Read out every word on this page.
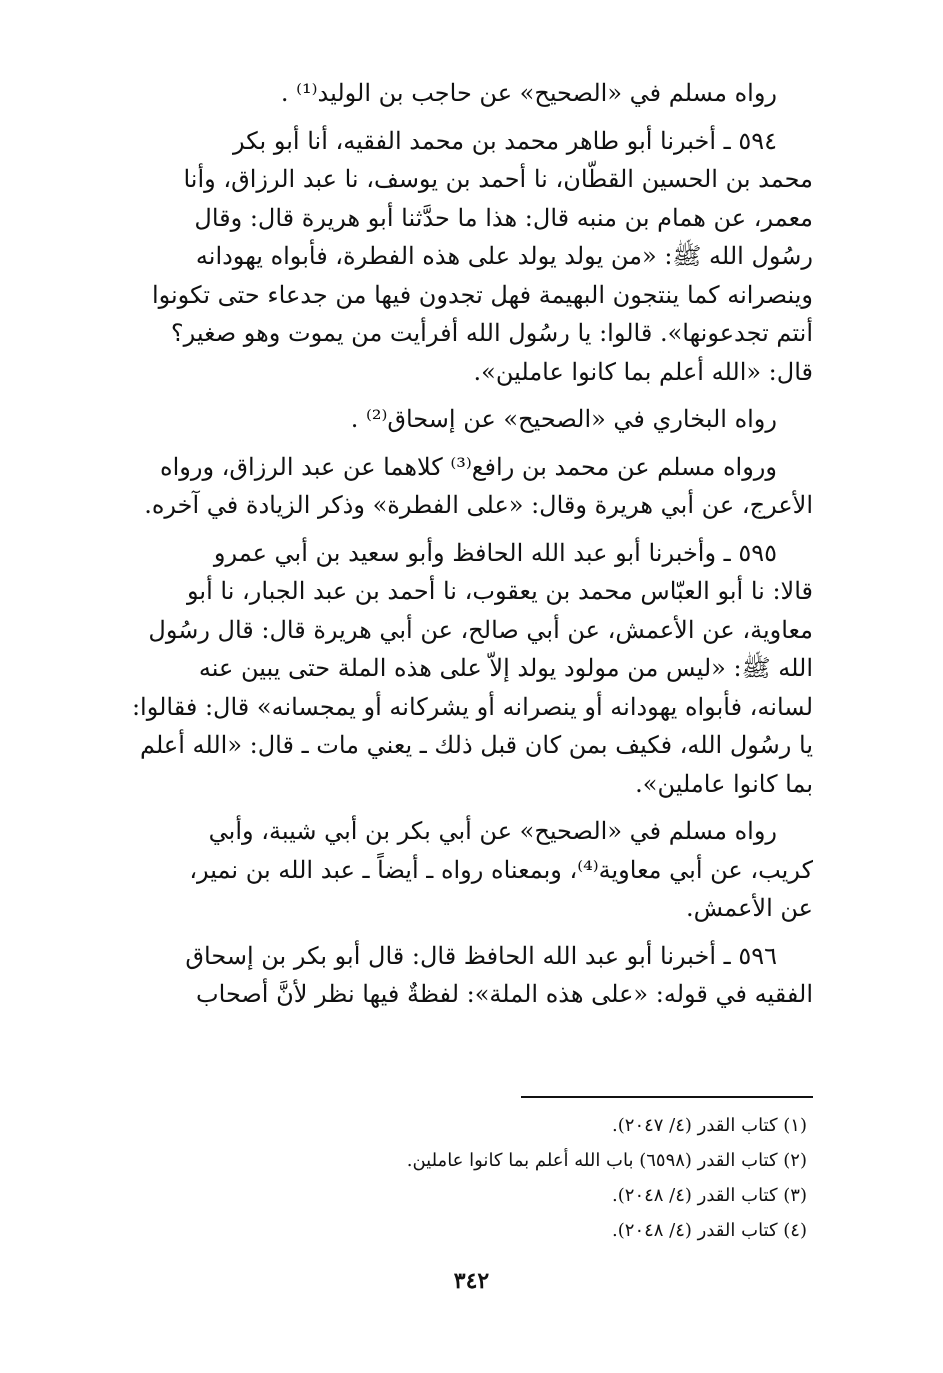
رواه مسلم في «الصحيح» عن حاجب بن الوليد⁽¹⁾ .

٥٩٤ ـ أخبرنا أبو طاهر محمد بن محمد الفقيه، أنا أبو بكر
محمد بن الحسين القطّان، نا أحمد بن يوسف، نا عبد الرزاق، وأنا
معمر، عن همام بن منبه قال: هذا ما حدَّثنا أبو هريرة قال: وقال
رسُول الله ﷺ: «من يولد يولد على هذه الفطرة، فأبواه يهودانه
وينصرانه كما ينتجون البهيمة فهل تجدون فيها من جدعاء حتى تكونوا
أنتم تجدعونها». قالوا: يا رسُول الله أفرأيت من يموت وهو صغير؟
قال: «الله أعلم بما كانوا عاملين».

رواه البخاري في «الصحيح» عن إسحاق⁽²⁾ .

ورواه مسلم عن محمد بن رافع⁽³⁾ كلاهما عن عبد الرزاق، ورواه
الأعرج، عن أبي هريرة وقال: «على الفطرة» وذكر الزيادة في آخره.

٥٩٥ ـ وأخبرنا أبو عبد الله الحافظ وأبو سعيد بن أبي عمرو
قالا: نا أبو العبّاس محمد بن يعقوب، نا أحمد بن عبد الجبار، نا أبو
معاوية، عن الأعمش، عن أبي صالح، عن أبي هريرة قال: قال رسُول
الله ﷺ: «ليس من مولود يولد إلاّ على هذه الملة حتى يبين عنه
لسانه، فأبواه يهودانه أو ينصرانه أو يشركانه أو يمجسانه» قال: فقالوا:
يا رسُول الله، فكيف بمن كان قبل ذلك ـ يعني مات ـ قال: «الله أعلم
بما كانوا عاملين».

رواه مسلم في «الصحيح» عن أبي بكر بن أبي شيبة، وأبي
كريب، عن أبي معاوية⁽⁴⁾، وبمعناه رواه ـ أيضاً ـ عبد الله بن نمير،
عن الأعمش.

٥٩٦ ـ أخبرنا أبو عبد الله الحافظ قال: قال أبو بكر بن إسحاق
الفقيه في قوله: «على هذه الملة»: لفظةٌ فيها نظر لأنَّ أصحاب

(١) كتاب القدر (٤/ ٢٠٤٧).
(٢) كتاب القدر (٦٥٩٨) باب الله أعلم بما كانوا عاملين.
(٣) كتاب القدر (٤/ ٢٠٤٨).
(٤) كتاب القدر (٤/ ٢٠٤٨).
٣٤٢
